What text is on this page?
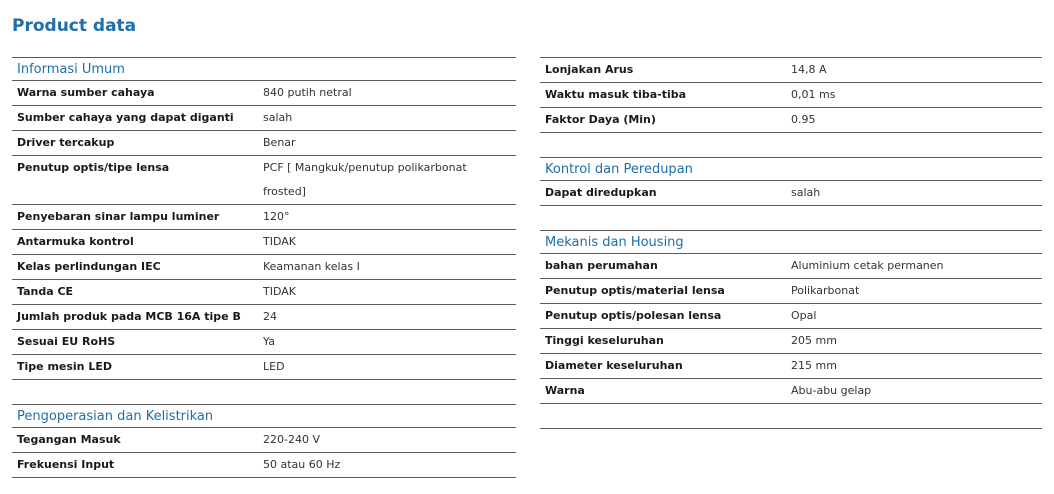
Product data
Informasi Umum
Warna sumber cahaya	840 putih netral
Sumber cahaya yang dapat diganti	salah
Driver tercakup	Benar
Penutup optis/tipe lensa	PCF [ Mangkuk/penutup polikarbonat frosted]
Penyebaran sinar lampu luminer	120°
Antarmuka kontrol	TIDAK
Kelas perlindungan IEC	Keamanan kelas I
Tanda CE	TIDAK
Jumlah produk pada MCB 16A tipe B	24
Sesuai EU RoHS	Ya
Tipe mesin LED	LED
Pengoperasian dan Kelistrikan
Tegangan Masuk	220-240 V
Frekuensi Input	50 atau 60 Hz
Lonjakan Arus	14,8 A
Waktu masuk tiba-tiba	0,01 ms
Faktor Daya (Min)	0.95
Kontrol dan Peredupan
Dapat diredupkan	salah
Mekanis dan Housing
bahan perumahan	Aluminium cetak permanen
Penutup optis/material lensa	Polikarbonat
Penutup optis/polesan lensa	Opal
Tinggi keseluruhan	205 mm
Diameter keseluruhan	215 mm
Warna	Abu-abu gelap
